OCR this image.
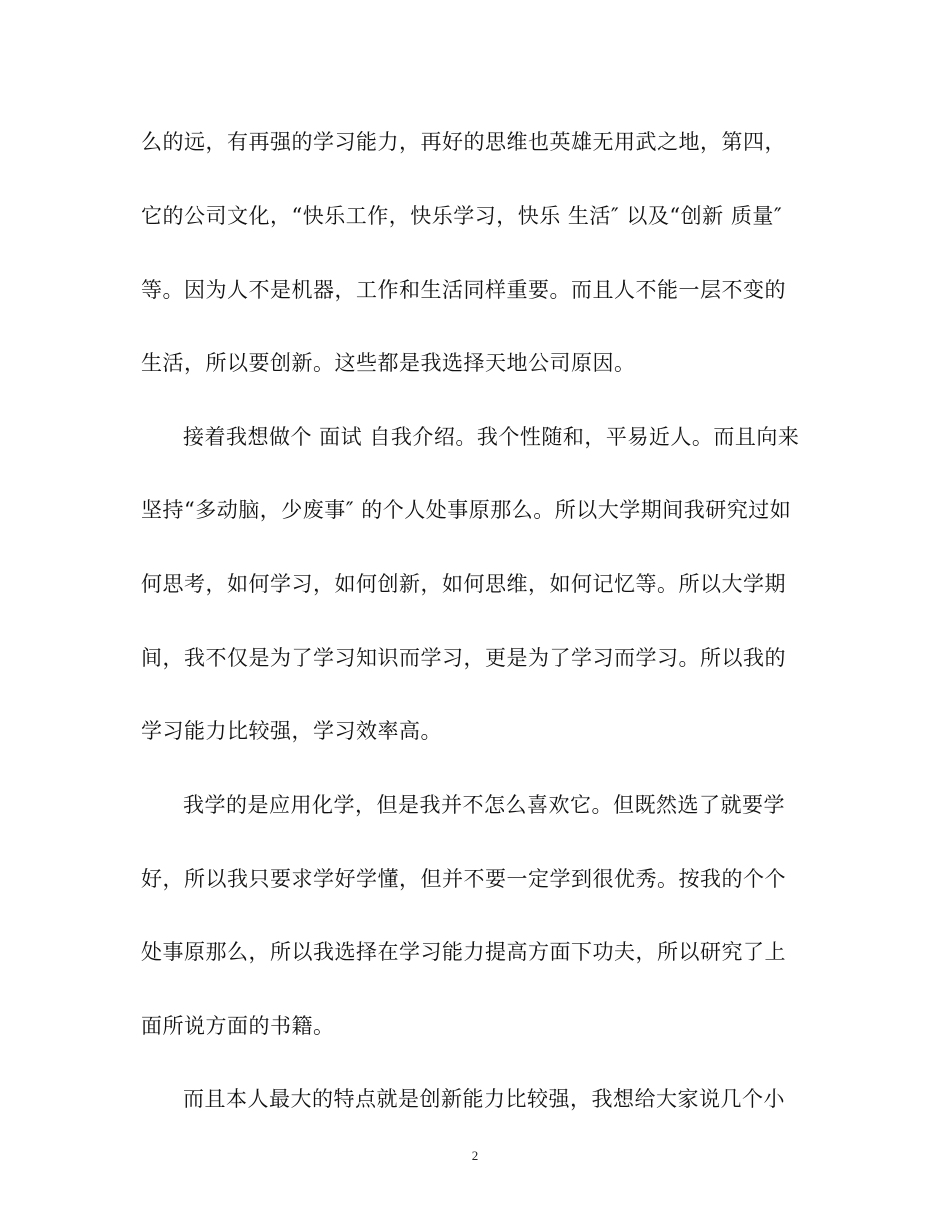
么的远，有再强的学习能力，再好的思维也英雄无用武之地，第四，
它的公司文化，“快乐工作，快乐学习，快乐 生活″ 以及“创新 质量″
等。因为人不是机器，工作和生活同样重要。而且人不能一层不变的
生活，所以要创新。这些都是我选择天地公司原因。
接着我想做个 面试 自我介绍。我个性随和，平易近人。而且向来
坚持“多动脑，少废事″ 的个人处事原那么。所以大学期间我研究过如
何思考，如何学习，如何创新，如何思维，如何记忆等。所以大学期
间，我不仅是为了学习知识而学习，更是为了学习而学习。所以我的
学习能力比较强，学习效率高。
我学的是应用化学，但是我并不怎么喜欢它。但既然选了就要学
好，所以我只要求学好学懂，但并不要一定学到很优秀。按我的个个
处事原那么，所以我选择在学习能力提高方面下功夫，所以研究了上
面所说方面的书籍。
而且本人最大的特点就是创新能力比较强，我想给大家说几个小
2
